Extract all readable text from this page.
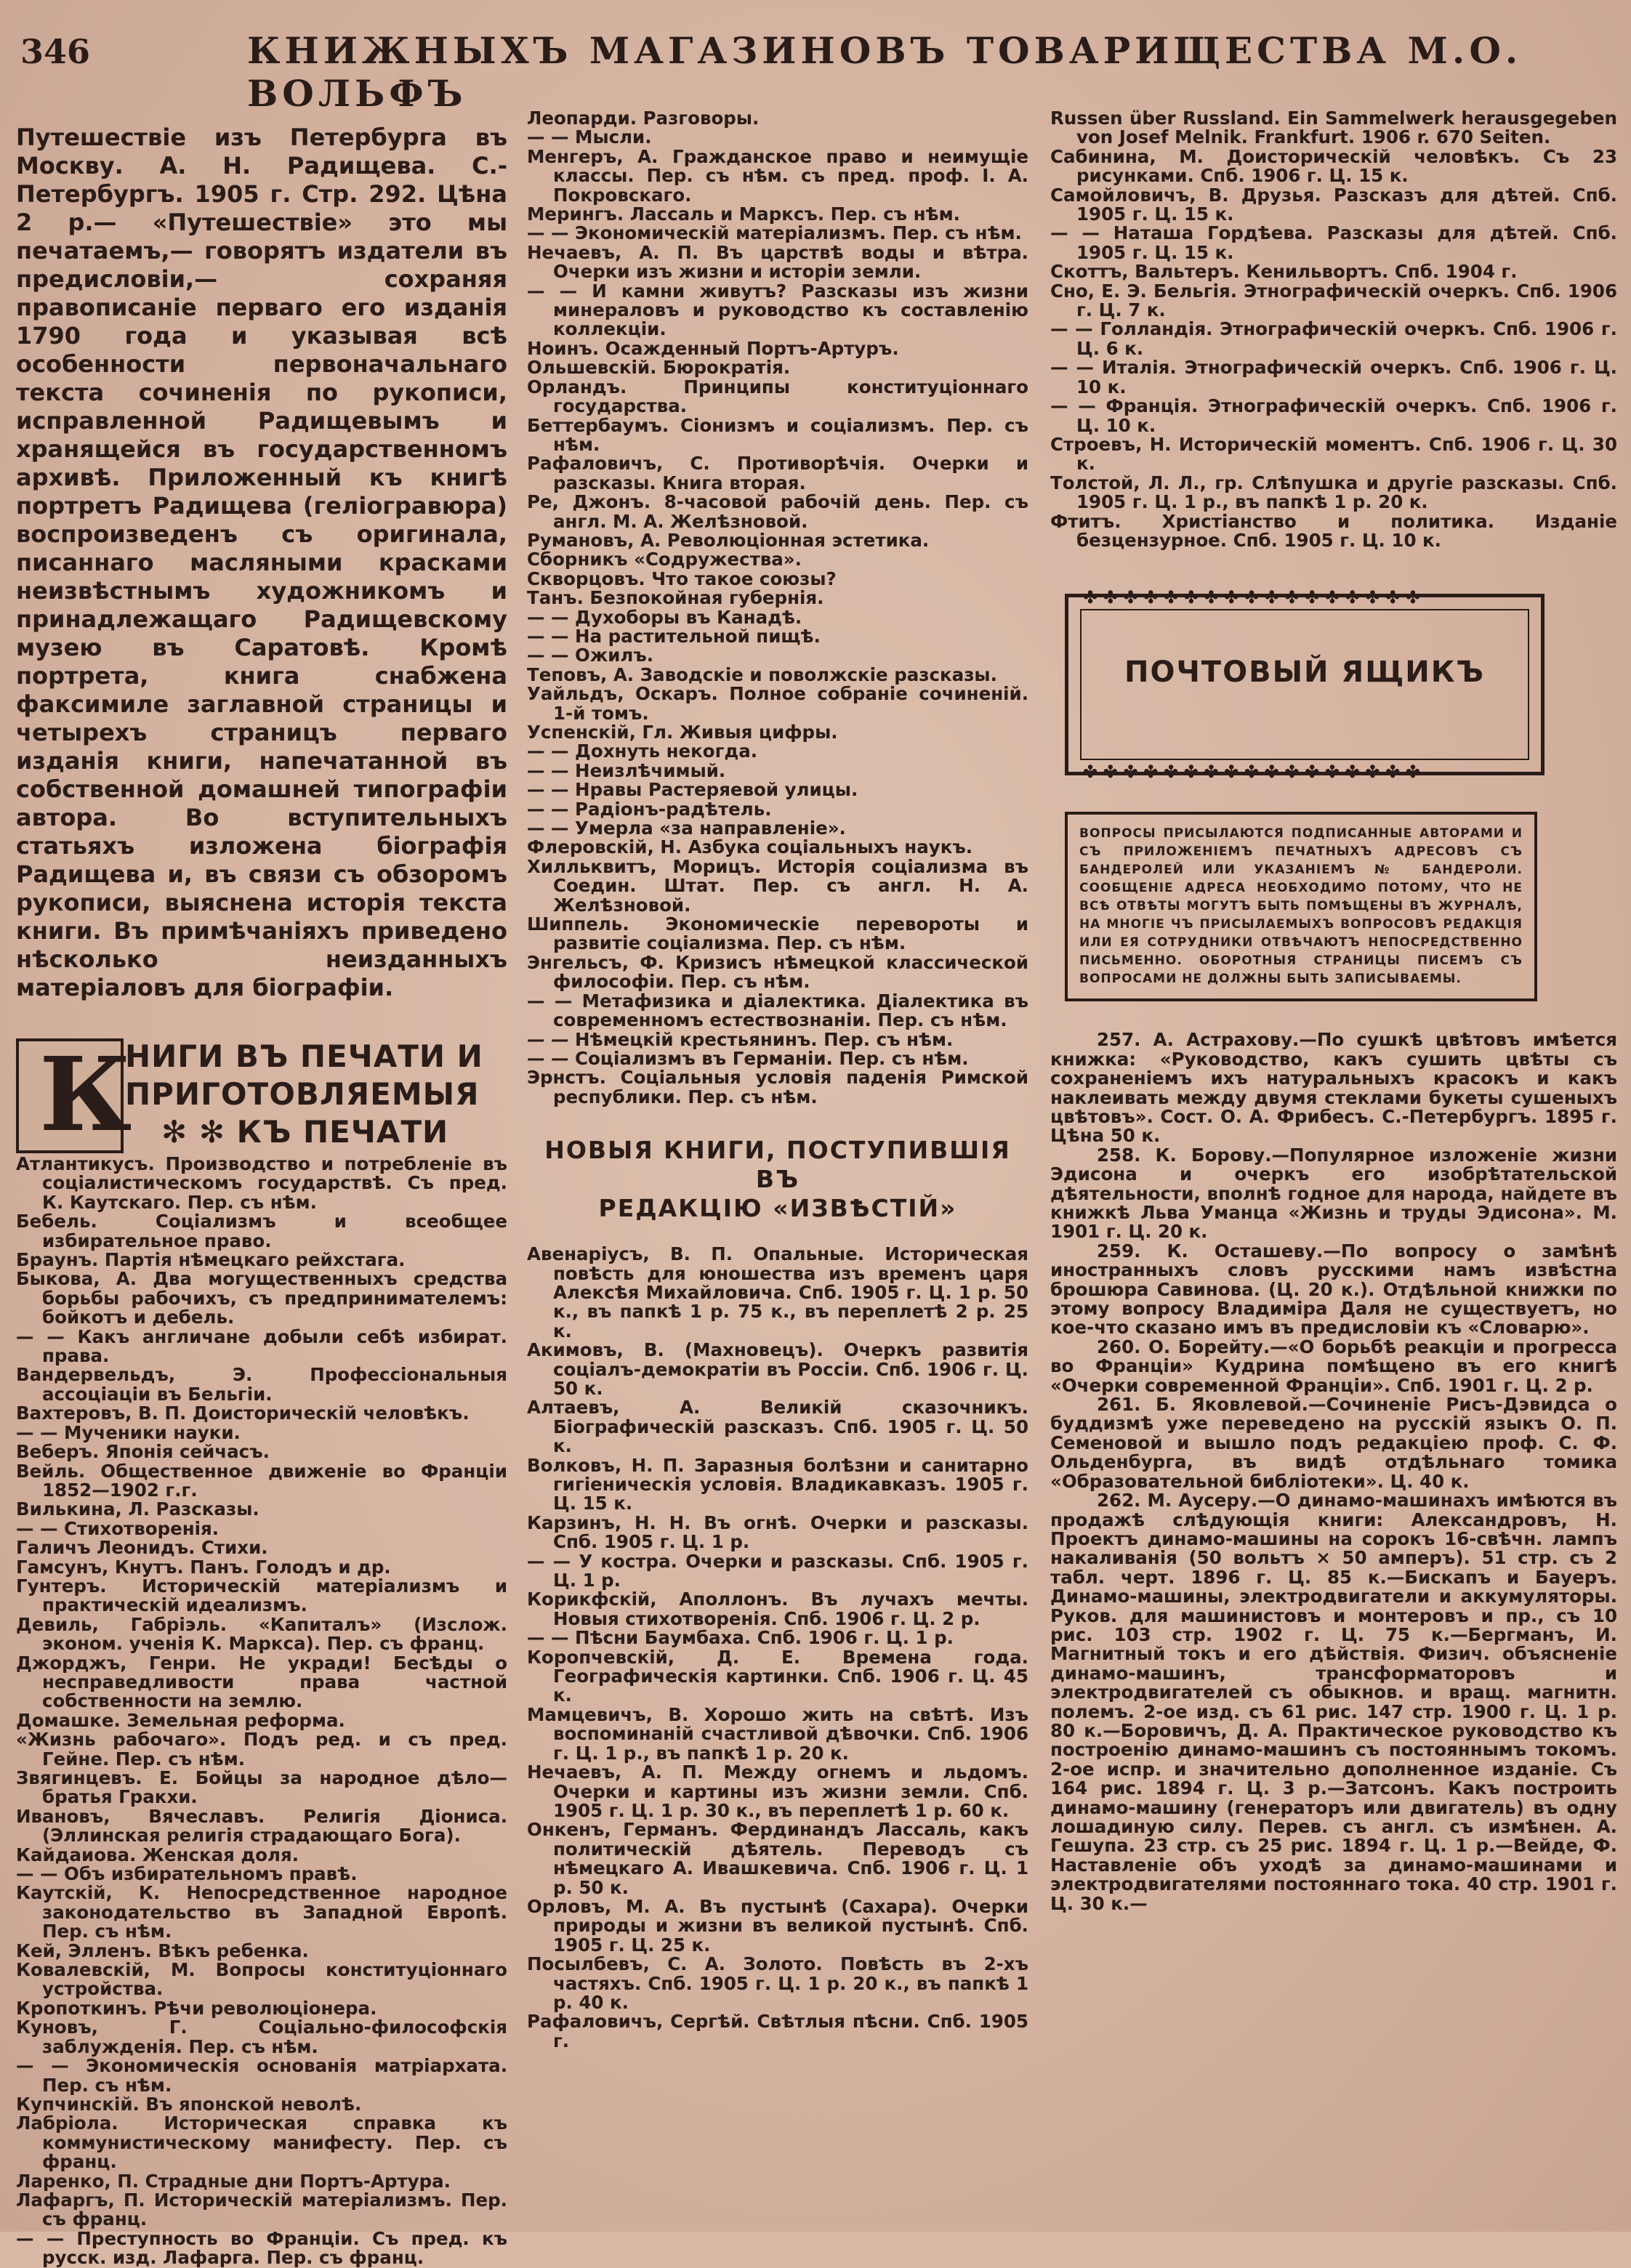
346	КНИЖНЫХЪ МАГАЗИНОВЪ ТОВАРИЩЕСТВА М.О. ВОЛЬФЪ

Путешествіе изъ Петербурга въ Москву. А. Н. Радищева. С.-Петербургъ. 1905 г. Стр. 292. Цѣна 2 р.— «Путешествіе» это мы печатаемъ,— говорятъ издатели въ предисловіи,— сохраняя правописаніе перваго его изданія 1790 года и указывая всѣ особенности первоначальнаго текста сочиненія по рукописи, исправленной Радищевымъ и хранящейся въ государственномъ архивѣ. Приложенный къ книгѣ портретъ Радищева (геліогравюра) воспроизведенъ съ оригинала, писаннаго масляными красками неизвѣстнымъ художникомъ и принадлежащаго Радищевскому музею въ Саратовѣ. Кромѣ портрета, книга снабжена факсимиле заглавной страницы и четырехъ страницъ перваго изданія книги, напечатанной въ собственной домашней типографіи автора. Во вступительныхъ статьяхъ изложена біографія Радищева и, въ связи съ обзоромъ рукописи, выяснена исторія текста книги. Въ примѣчаніяхъ приведено нѣсколько неизданныхъ матеріаловъ для біографіи.

К
НИГИ ВЪ ПЕЧАТИ И
ПРИГОТОВЛЯЕМЫЯ
✻ ✻ КЪ ПЕЧАТИ
Атлантикусъ. Производство и потребленіе въ соціалистическомъ государствѣ. Съ пред. К. Каутскаго. Пер. съ нѣм.
Бебель. Соціализмъ и всеобщее избирательное право.
Браунъ. Партія нѣмецкаго рейхстага.
Быкова, А. Два могущественныхъ средства борьбы рабочихъ, съ предпринимателемъ: бойкотъ и дебель.
— — Какъ англичане добыли себѣ избират. права.
Вандервельдъ, Э. Профессіональныя ассоціаціи въ Бельгіи.
Вахтеровъ, В. П. Доисторическій человѣкъ.
— — Мученики науки.
Веберъ. Японія сейчасъ.
Вейль. Общественное движеніе во Франціи 1852—1902 г.г.
Вилькина, Л. Разсказы.
— — Стихотворенія.
Галичъ Леонидъ. Стихи.
Гамсунъ, Кнутъ. Панъ. Голодъ и др.
Гунтеръ. Историческій матеріализмъ и практическій идеализмъ.
Девиль, Габріэль. «Капиталъ» (Изслож. эконом. ученія К. Маркса). Пер. съ франц.
Джорджъ, Генри. Не укради! Бесѣды о несправедливости права частной собственности на землю.
Домашке. Земельная реформа.
«Жизнь рабочаго». Подъ ред. и съ пред. Гейне. Пер. съ нѣм.
Звягинцевъ. Е. Бойцы за народное дѣло— братья Гракхи.
Ивановъ, Вячеславъ. Религія Діониса. (Эллинская религія страдающаго Бога).
Кайдаиова. Женская доля.
— — Объ избирательномъ правѣ.
Каутскій, К. Непосредственное народное законодательство въ Западной Европѣ. Пер. съ нѣм.
Кей, Элленъ. Вѣкъ ребенка.
Ковалевскій, М. Вопросы конституціоннаго устройства.
Кропоткинъ. Рѣчи революціонера.
Куновъ, Г. Соціально-философскія заблужденія. Пер. съ нѣм.
— — Экономическія основанія матріархата. Пер. съ нѣм.
Купчинскій. Въ японской неволѣ.
Лабріола. Историческая справка къ коммунистическому манифесту. Пер. съ франц.
Ларенко, П. Страдные дни Портъ-Артура.
Лафаргъ, П. Историческій матеріализмъ. Пер. съ франц.
— — Преступность во Франціи. Съ пред. къ русск. изд. Лафарга. Пер. съ франц.
Леопарди. Разговоры.
— — Мысли.
Менгеръ, А. Гражданское право и неимущіе классы. Пер. съ нѣм. съ пред. проф. І. А. Покровскаго.
Мерингъ. Лассаль и Марксъ. Пер. съ нѣм.
— — Экономическій матеріализмъ. Пер. съ нѣм.
Нечаевъ, А. П. Въ царствѣ воды и вѣтра. Очерки изъ жизни и исторіи земли.
— — И камни живутъ? Разсказы изъ жизни минераловъ и руководство къ составленію коллекціи.
Ноинъ. Осажденный Портъ-Артуръ.
Ольшевскій. Бюрократія.
Орландъ. Принципы конституціоннаго государства.
Беттербаумъ. Сіонизмъ и соціализмъ. Пер. съ нѣм.
Рафаловичъ, С. Противорѣчія. Очерки и разсказы. Книга вторая.
Ре, Джонъ. 8-часовой рабочій день. Пер. съ англ. М. А. Желѣзновой.
Румановъ, А. Революціонная эстетика.
Сборникъ «Содружества».
Скворцовъ. Что такое союзы?
Танъ. Безпокойная губернія.
— — Духоборы въ Канадѣ.
— — На растительной пищѣ.
— — Ожилъ.
Теповъ, А. Заводскіе и поволжскіе разсказы.
Уайльдъ, Оскаръ. Полное собраніе сочиненій. 1-й томъ.
Успенскій, Гл. Живыя цифры.
— — Дохнуть некогда.
— — Неизлѣчимый.
— — Нравы Растеряевой улицы.
— — Радіонъ-радѣтель.
— — Умерла «за направленіе».
Флеровскій, Н. Азбука соціальныхъ наукъ.
Хилльквитъ, Морицъ. Исторія соціализма въ Соедин. Штат. Пер. съ англ. Н. А. Желѣзновой.
Шиппель. Экономическіе перевороты и развитіе соціализма. Пер. съ нѣм.
Энгельсъ, Ф. Кризисъ нѣмецкой классической философіи. Пер. съ нѣм.
— — Метафизика и діалектика. Діалектика въ современномъ естествознаніи. Пер. съ нѣм.
— — Нѣмецкій крестьянинъ. Пер. съ нѣм.
— — Соціализмъ въ Германіи. Пер. съ нѣм.
Эрнстъ. Соціальныя условія паденія Римской республики. Пер. съ нѣм.
НОВЫЯ КНИГИ, ПОСТУПИВШІЯ ВЪ
РЕДАКЦІЮ «ИЗВѢСТІЙ»
Авенаріусъ, В. П. Опальные. Историческая повѣсть для юношества изъ временъ царя Алексѣя Михайловича. Спб. 1905 г. Ц. 1 р. 50 к., въ папкѣ 1 р. 75 к., въ переплетѣ 2 р. 25 к.
Акимовъ, В. (Махновецъ). Очеркъ развитія соціалъ-демократіи въ Россіи. Спб. 1906 г. Ц. 50 к.
Алтаевъ, А. Великій сказочникъ. Біографическій разсказъ. Спб. 1905 г. Ц. 50 к.
Волковъ, Н. П. Заразныя болѣзни и санитарно гигіеническія условія. Владикавказъ. 1905 г. Ц. 15 к.
Карзинъ, Н. Н. Въ огнѣ. Очерки и разсказы. Спб. 1905 г. Ц. 1 р.
— — У костра. Очерки и разсказы. Спб. 1905 г. Ц. 1 р.
Корикфскій, Аполлонъ. Въ лучахъ мечты. Новыя стихотворенія. Спб. 1906 г. Ц. 2 р.
— — Пѣсни Баумбаха. Спб. 1906 г. Ц. 1 р.
Коропчевскій, Д. Е. Времена года. Географическія картинки. Спб. 1906 г. Ц. 45 к.
Мамцевичъ, В. Хорошо жить на свѣтѣ. Изъ воспоминаній счастливой дѣвочки. Спб. 1906 г. Ц. 1 р., въ папкѣ 1 р. 20 к.
Нечаевъ, А. П. Между огнемъ и льдомъ. Очерки и картины изъ жизни земли. Спб. 1905 г. Ц. 1 р. 30 к., въ переплетѣ 1 р. 60 к.
Онкенъ, Германъ. Фердинандъ Лассаль, какъ политическій дѣятель. Переводъ съ нѣмецкаго А. Ивашкевича. Спб. 1906 г. Ц. 1 р. 50 к.
Орловъ, М. А. Въ пустынѣ (Сахара). Очерки природы и жизни въ великой пустынѣ. Спб. 1905 г. Ц. 25 к.
Посылбевъ, С. А. Золото. Повѣсть въ 2-хъ частяхъ. Спб. 1905 г. Ц. 1 р. 20 к., въ папкѣ 1 р. 40 к.
Рафаловичъ, Сергѣй. Свѣтлыя пѣсни. Спб. 1905 г.
Russen über Russland. Ein Sammelwerk herausgegeben von Josef Melnik. Frankfurt. 1906 r. 670 Seiten.
Сабинина, М. Доисторическій человѣкъ. Съ 23 рисунками. Спб. 1906 г. Ц. 15 к.
Самойловичъ, В. Друзья. Разсказъ для дѣтей. Спб. 1905 г. Ц. 15 к.
— — Наташа Гордѣева. Разсказы для дѣтей. Спб. 1905 г. Ц. 15 к.
Скоттъ, Вальтеръ. Кенильвортъ. Спб. 1904 г.
Сно, Е. Э. Бельгія. Этнографическій очеркъ. Спб. 1906 г. Ц. 7 к.
— — Голландія. Этнографическій очеркъ. Спб. 1906 г. Ц. 6 к.
— — Италія. Этнографическій очеркъ. Спб. 1906 г. Ц. 10 к.
— — Франція. Этнографическій очеркъ. Спб. 1906 г. Ц. 10 к.
Строевъ, Н. Историческій моментъ. Спб. 1906 г. Ц. 30 к.
Толстой, Л. Л., гр. Слѣпушка и другіе разсказы. Спб. 1905 г. Ц. 1 р., въ папкѣ 1 р. 20 к.
Фтитъ. Христіанство и политика. Изданіе безцензурное. Спб. 1905 г. Ц. 10 к.
✤ ✤ ✤ ✤ ✤ ✤ ✤ ✤ ✤ ✤ ✤ ✤ ✤ ✤ ✤ ✤ ✤
✤ ✤ ✤ ✤ ✤ ✤ ✤ ✤ ✤ ✤ ✤ ✤ ✤ ✤ ✤ ✤ ✤
ПОЧТОВЫЙ ЯЩИКЪ
ВОПРОСЫ ПРИСЫЛАЮТСЯ ПОДПИСАННЫЕ АВТОРАМИ И СЪ ПРИЛОЖЕНІЕМЪ ПЕЧАТНЫХЪ АДРЕСОВЪ СЪ БАНДЕРОЛЕЙ ИЛИ УКАЗАНІЕМЪ № БАНДЕРОЛИ. СООБЩЕНІЕ АДРЕСА НЕОБХОДИМО ПОТОМУ, ЧТО НЕ ВСѢ ОТВѢТЫ МОГУТЪ БЫТЬ ПОМѢЩЕНЫ ВЪ ЖУРНАЛѢ, НА МНОГІЕ ЧЪ ПРИСЫЛАЕМЫХЪ ВОПРОСОВЪ РЕДАКЦІЯ ИЛИ ЕЯ СОТРУДНИКИ ОТВѢЧАЮТЪ НЕПОСРЕДСТВЕННО ПИСЬМЕННО. ОБОРОТНЫЯ СТРАНИЦЫ ПИСЕМЪ СЪ ВОПРОСАМИ НЕ ДОЛЖНЫ БЫТЬ ЗАПИСЫВАЕМЫ.
257. А. Астрахову.—По сушкѣ цвѣтовъ имѣется книжка: «Руководство, какъ сушить цвѣты съ сохраненіемъ ихъ натуральныхъ красокъ и какъ наклеивать между двумя стеклами букеты сушеныхъ цвѣтовъ». Сост. О. А. Фрибесъ. С.-Петербургъ. 1895 г. Цѣна 50 к.
258. К. Борову.—Популярное изложеніе жизни Эдисона и очеркъ его изобрѣтательской дѣятельности, вполнѣ годное для народа, найдете въ книжкѣ Льва Уманца «Жизнь и труды Эдисона». М. 1901 г. Ц. 20 к.
259. К. Осташеву.—По вопросу о замѣнѣ иностранныхъ словъ русскими намъ извѣстна брошюра Савинова. (Ц. 20 к.). Отдѣльной книжки по этому вопросу Владиміра Даля не существуетъ, но кое-что сказано имъ въ предисловіи къ «Словарю».
260. О. Борейту.—«О борьбѣ реакціи и прогресса во Франціи» Кудрина помѣщено въ его книгѣ «Очерки современной Франціи». Спб. 1901 г. Ц. 2 р.
261. Б. Яковлевой.—Сочиненіе Рисъ-Дэвидса о буддизмѣ уже переведено на русскій языкъ О. П. Семеновой и вышло подъ редакціею проф. С. Ф. Ольденбурга, въ видѣ отдѣльнаго томика «Образовательной библіотеки». Ц. 40 к.
262. М. Аусеру.—О динамо-машинахъ имѣются въ продажѣ слѣдующія книги: Александровъ, Н. Проектъ динамо-машины на сорокъ 16-свѣчн. лампъ накаливанія (50 вольтъ × 50 амперъ). 51 стр. съ 2 табл. черт. 1896 г. Ц. 85 к.—Бискапъ и Бауеръ. Динамо-машины, электродвигатели и аккумуляторы. Руков. для машинистовъ и монтеровъ и пр., съ 10 рис. 103 стр. 1902 г. Ц. 75 к.—Бергманъ, И. Магнитный токъ и его дѣйствія. Физич. объясненіе динамо-машинъ, трансформаторовъ и электродвигателей съ обыкнов. и вращ. магнитн. полемъ. 2-ое изд. съ 61 рис. 147 стр. 1900 г. Ц. 1 р. 80 к.—Боровичъ, Д. А. Практическое руководство къ построенію динамо-машинъ съ постояннымъ токомъ. 2-ое испр. и значительно дополненное изданіе. Съ 164 рис. 1894 г. Ц. 3 р.—Затсонъ. Какъ построить динамо-машину (генераторъ или двигатель) въ одну лошадиную силу. Перев. съ англ. съ измѣнен. А. Гешупа. 23 стр. съ 25 рис. 1894 г. Ц. 1 р.—Вейде, Ф. Наставленіе объ уходѣ за динамо-машинами и электродвигателями постояннаго тока. 40 стр. 1901 г. Ц. 30 к.—
